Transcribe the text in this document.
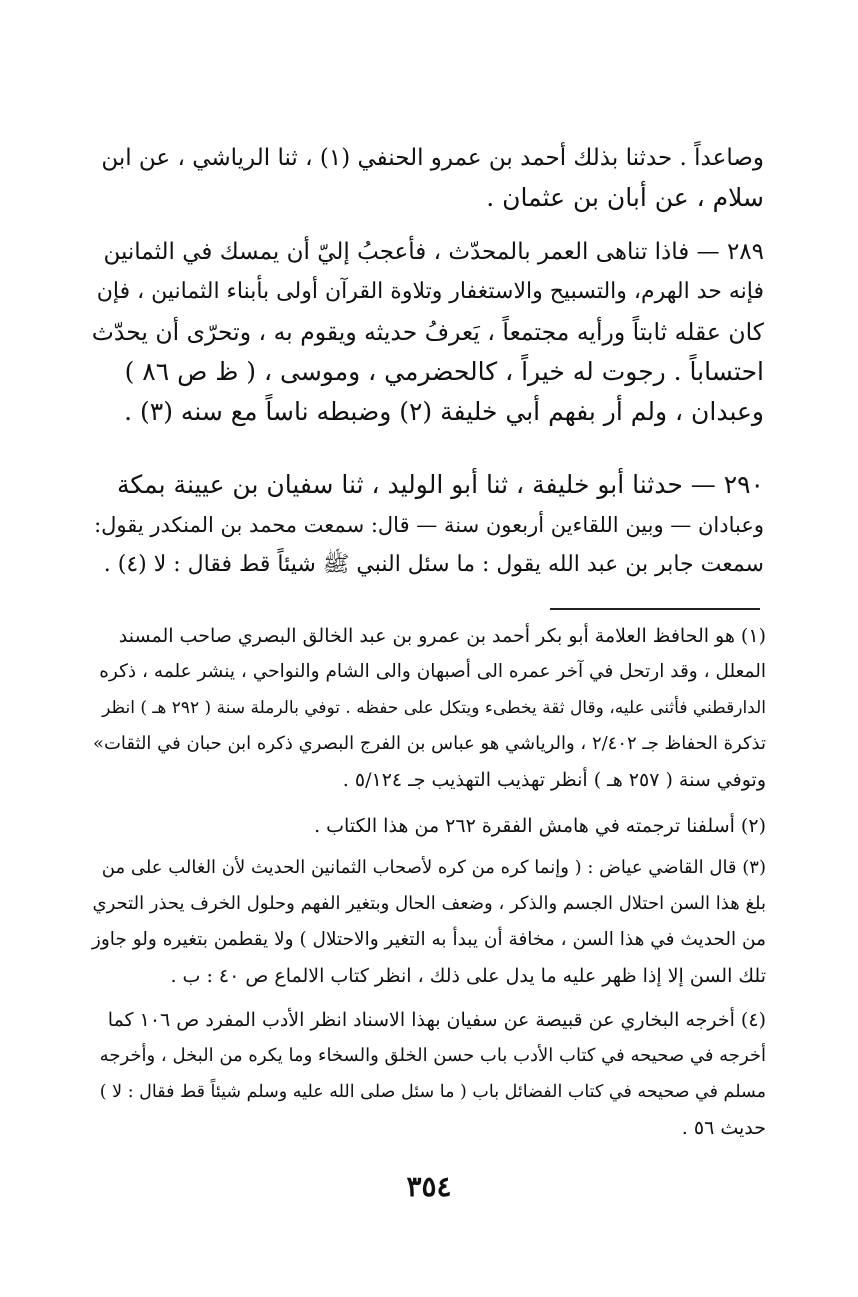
وصاعداً . حدثنا بذلك أحمد بن عمرو الحنفي (١) ، ثنا الرياشي ، عن ابن
سلام ، عن أبان بن عثمان .
٢٨٩ — فاذا تناهى العمر بالمحدّث ، فأعجبُ إليّ أن يمسك في الثمانين
فإنه حد الهرم، والتسبيح والاستغفار وتلاوة القرآن أولى بأبناء الثمانين ، فإن
كان عقله ثابتاً ورأيه مجتمعاً ، يَعرفُ حديثه ويقوم به ، وتحرّى أن يحدّث
احتساباً . رجوت له خيراً ، كالحضرمي ، وموسى ، ( ظ ص ٨٦ )
وعبدان ، ولم أر بفهم أبي خليفة (٢) وضبطه ناساً مع سنه (٣) .
٢٩٠ — حدثنا أبو خليفة ، ثنا أبو الوليد ، ثنا سفيان بن عيينة بمكة
وعبادان — وبين اللقاءين أربعون سنة — قال: سمعت محمد بن المنكدر يقول:
سمعت جابر بن عبد الله يقول : ما سئل النبي ﷺ شيئاً قط فقال : لا (٤) .
(١) هو الحافظ العلامة أبو بكر أحمد بن عمرو بن عبد الخالق البصري صاحب المسند
المعلل ، وقد ارتحل في آخر عمره الى أصبهان والى الشام والنواحي ، ينشر علمه ، ذكره
الدارقطني فأثنى عليه، وقال ثقة يخطىء ويتكل على حفظه . توفي بالرملة سنة ( ٢٩٢ هـ ) انظر
تذكرة الحفاظ جـ ٢/٤٠٢ ، والرياشي هو عباس بن الفرج البصري ذكره ابن حبان في الثقات»
وتوفي سنة ( ٢٥٧ هـ ) أنظر تهذيب التهذيب جـ ٥/١٢٤ .
(٢) أسلفنا ترجمته في هامش الفقرة ٢٦٢ من هذا الكتاب .
(٣) قال القاضي عياض : ( وإنما كره من كره لأصحاب الثمانين الحديث لأن الغالب على من
بلغ هذا السن احتلال الجسم والذكر ، وضعف الحال وبتغير الفهم وحلول الخرف يحذر التحري
من الحديث في هذا السن ، مخافة أن يبدأ به التغير والاحتلال ) ولا يقطمن بتغيره ولو جاوز
تلك السن إلا إذا ظهر عليه ما يدل على ذلك ، انظر كتاب الالماع ص ٤٠ : ب .
(٤) أخرجه البخاري عن قبيصة عن سفيان بهذا الاسناد انظر الأدب المفرد ص ١٠٦ كما
أخرجه في صحيحه في كتاب الأدب باب حسن الخلق والسخاء وما يكره من البخل ، وأخرجه
مسلم في صحيحه في كتاب الفضائل باب ( ما سئل صلى الله عليه وسلم شيئاً قط فقال : لا )
حديث ٥٦ .
٣٥٤
